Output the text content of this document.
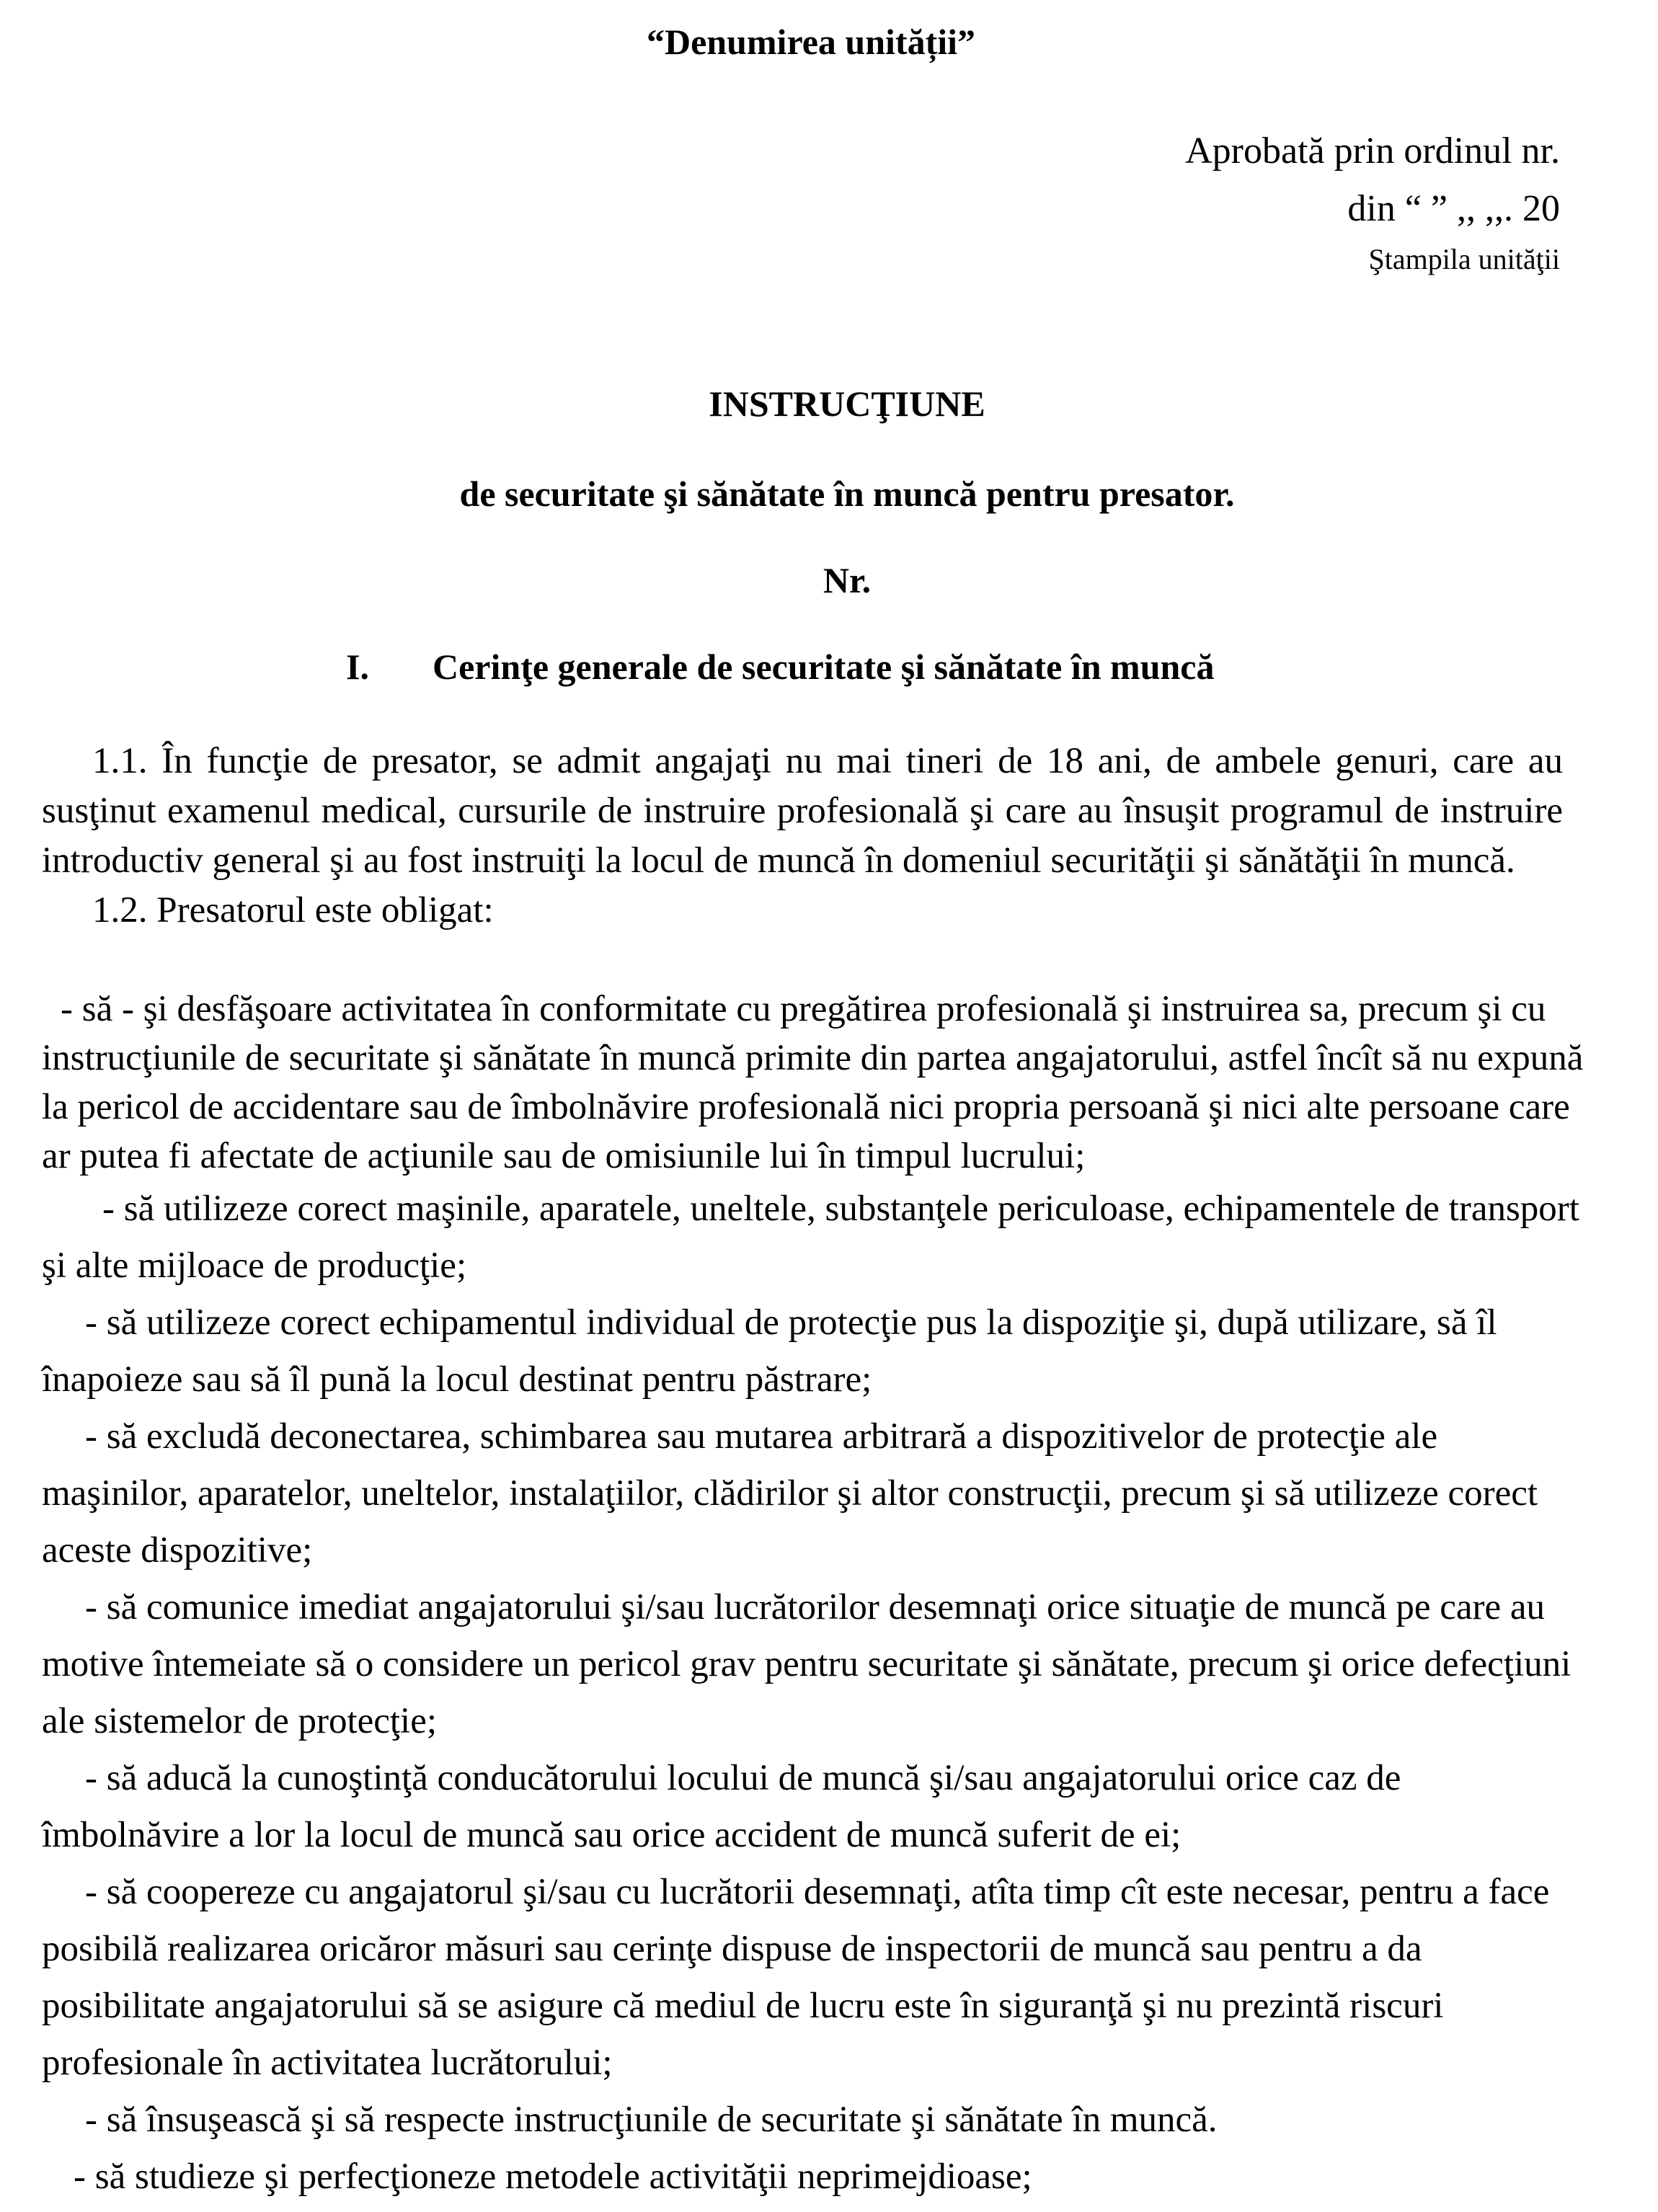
“Denumirea unității”
Aprobată prin ordinul nr.
din “ ” ,, ,,. 20
Ştampila unităţii
INSTRUCŢIUNE
de securitate şi sănătate în muncă pentru presator.
Nr.
I. Cerinţe generale de securitate şi sănătate în muncă

1.1. În funcţie de presator, se admit angajaţi nu mai tineri de 18 ani, de ambele genuri, care au susţinut examenul medical, cursurile de instruire profesională şi care au însuşit programul de instruire introductiv general şi au fost instruiţi la locul de muncă în domeniul securităţii şi sănătăţii în muncă.

1.2. Presatorul este obligat:

- să - şi desfăşoare activitatea în conformitate cu pregătirea profesională şi instruirea sa, precum şi cu instrucţiunile de securitate şi sănătate în muncă primite din partea angajatorului, astfel încît să nu expună la pericol de accidentare sau de îmbolnăvire profesională nici propria persoană şi nici alte persoane care ar putea fi afectate de acţiunile sau de omisiunile lui în timpul lucrului;

- să utilizeze corect maşinile, aparatele, uneltele, substanţele periculoase, echipamentele de transport şi alte mijloace de producţie;

- să utilizeze corect echipamentul individual de protecţie pus la dispoziţie şi, după utilizare, să îl înapoieze sau să îl pună la locul destinat pentru păstrare;

- să excludă deconectarea, schimbarea sau mutarea arbitrară a dispozitivelor de protecţie ale maşinilor, aparatelor, uneltelor, instalaţiilor, clădirilor şi altor construcţii, precum şi să utilizeze corect aceste dispozitive;

- să comunice imediat angajatorului şi/sau lucrătorilor desemnaţi orice situaţie de muncă pe care au motive întemeiate să o considere un pericol grav pentru securitate şi sănătate, precum şi orice defecţiuni ale sistemelor de protecţie;

- să aducă la cunoştinţă conducătorului locului de muncă şi/sau angajatorului orice caz de îmbolnăvire a lor la locul de muncă sau orice accident de muncă suferit de ei;

- să coopereze cu angajatorul şi/sau cu lucrătorii desemnaţi, atîta timp cît este necesar, pentru a face posibilă realizarea oricăror măsuri sau cerinţe dispuse de inspectorii de muncă sau pentru a da posibilitate angajatorului să se asigure că mediul de lucru este în siguranţă şi nu prezintă riscuri profesionale în activitatea lucrătorului;

- să însuşească şi să respecte instrucţiunile de securitate şi sănătate în muncă.

- să studieze şi perfecţioneze metodele activităţii neprimejdioase;
